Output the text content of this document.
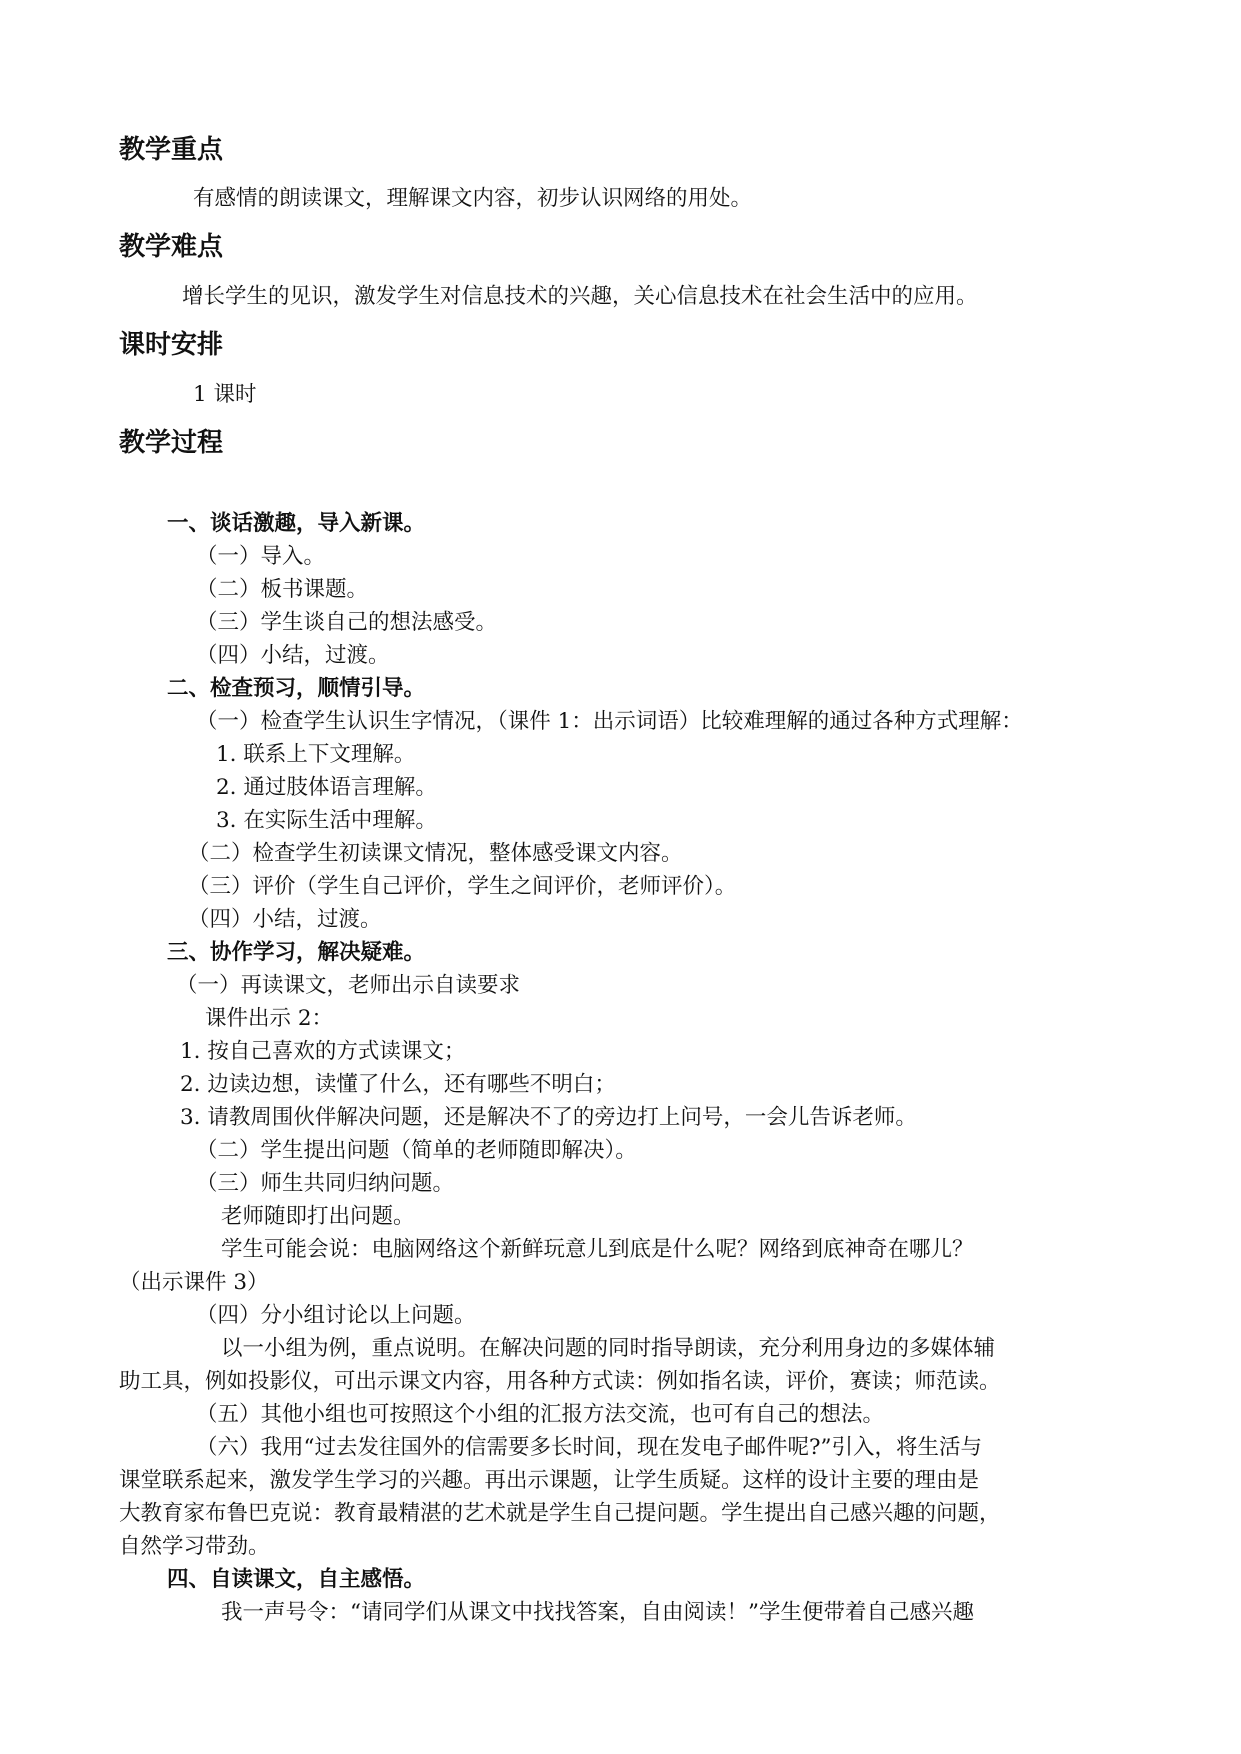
教学重点
有感情的朗读课文，理解课文内容，初步认识网络的用处。
教学难点
增长学生的见识，激发学生对信息技术的兴趣，关心信息技术在社会生活中的应用。
课时安排
1 课时
教学过程
一、谈话激趣，导入新课。
（一）导入。
（二）板书课题。
（三）学生谈自己的想法感受。
（四）小结，过渡。
二、检查预习，顺情引导。
（一）检查学生认识生字情况，（课件 1：出示词语）比较难理解的通过各种方式理解：
1. 联系上下文理解。
2. 通过肢体语言理解。
3. 在实际生活中理解。
（二）检查学生初读课文情况，整体感受课文内容。
（三）评价（学生自己评价，学生之间评价，老师评价）。
（四）小结，过渡。
三、协作学习，解决疑难。
（一）再读课文，老师出示自读要求
课件出示 2：
1. 按自己喜欢的方式读课文；
2. 边读边想，读懂了什么，还有哪些不明白；
3. 请教周围伙伴解决问题，还是解决不了的旁边打上问号，一会儿告诉老师。
（二）学生提出问题（简单的老师随即解决）。
（三）师生共同归纳问题。
老师随即打出问题。
学生可能会说：电脑网络这个新鲜玩意儿到底是什么呢？网络到底神奇在哪儿？
（出示课件 3）
（四）分小组讨论以上问题。
以一小组为例，重点说明。在解决问题的同时指导朗读，充分利用身边的多媒体辅
助工具，例如投影仪，可出示课文内容，用各种方式读：例如指名读，评价，赛读；师范读。
（五）其他小组也可按照这个小组的汇报方法交流，也可有自己的想法。
（六）我用“过去发往国外的信需要多长时间，现在发电子邮件呢?”引入，将生活与
课堂联系起来，激发学生学习的兴趣。再出示课题，让学生质疑。这样的设计主要的理由是
大教育家布鲁巴克说：教育最精湛的艺术就是学生自己提问题。学生提出自己感兴趣的问题，
自然学习带劲。
四、自读课文，自主感悟。
我一声号令：“请同学们从课文中找找答案，自由阅读！”学生便带着自己感兴趣
